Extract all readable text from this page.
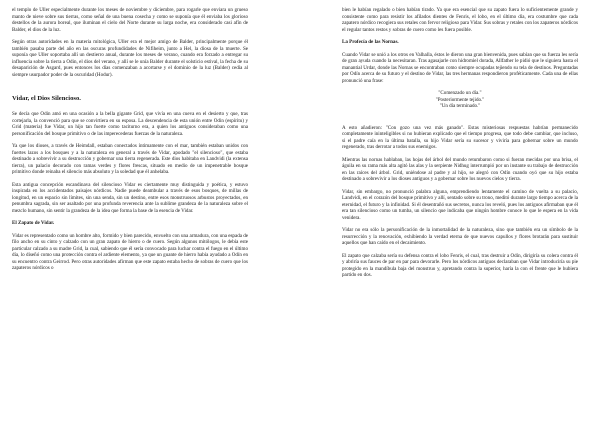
el templo de Uller especialmente durante los meses de noviembre y diciembre, para rogarle que enviara un grueso manto de nieve sobre sus tierras, como señal de una buena cosecha y como se suponía que él enviaba los glorioso destellos de la aurora boreal, que iluminan el cielo del Norte durante su larga noche, era considerado casi afín de Balder, el dios de la luz.

Según otras autoridades en la materia mitológica, Uller era el mejor amigo de Balder, principalmente porque él también pasaba parte del año en las oscuras profundidades de Nifiheim, junto a Hel, la diosa de la muerte. Se suponía que Uller soportaba allí un destierro anual, durante los meses de verano, cuando era forzado a entregar su influencia sobre la tierra a Odin, el dios del verano, y allí se le unía Balder durante el solsticio estival, la fecha de su desaparición de Asgard, pues entonces los días comenzaban a acortarse y el dominio de la luz (Balder) cedía al siempre usurpador poder de la oscuridad (Hodur).

Vidar, el Dios Silencioso.

Se decía que Odin amó en una ocasión a la bella gigante Grid, que vivía en una cueva en el desierto y que, tras cortejarla, la convenció para que se convirtiera en su esposa. La descendencia de esta unión entre Odin (espíritu) y Grid (materia) fue Vidar, un hijo tan fuerte como taciturno era, a quien los antiguos consideraban como una personificación del bosque primitivo o de las imperecederas fuerzas de la naturaleza.

Ya que los dioses, a través de Heimdall, estaban conectados íntimamente con el mar, también estaban unidos con fuertes lazos a los bosques y a la naturaleza en general a través de Vidar, apodado "el silencioso", que estaba destinado a sobrevivir a su destrucción y gobernar una tierra regenerada. Este dios habitaba en Landvidi (la extensa tierra), un palacio decorado con ramas verdes y flores frescas, situado en medio de un impenetrable bosque primitivo donde reinaba el silencio más absoluto y la soledad que él anhelaba.

Esta antigua concepción escandinava del silencioso Vidar es ciertamente muy distinguida y poética, y estuvo inspirada en los accidentados paisajes nórdicos. Nadie puede deambular a través de esos bosques, de millas de longitud, en un espacio sin límites, sin una senda, sin un destino, entre esos monstruosos arbustos proyectados, en penumbra sagrada, sin ser asaltado por una profunda reverencia ante la sublime grandeza de la naturaleza sobre el mezclo humano, sin sentir la grandeza de la idea que forma la base de la esencia de Vidar.

El Zapato de Vidar.

Vidar es representado como un hombre alto, formido y bien parecido, envuelto con una armadura, con una espada de filo ancho en su cinto y calzado con un gran zapato de hierro o de cuero. Según algunos mitólogos, le debía este particular calzado a su madre Grid, la cual, sabiendo que él sería convocado para luchar contra el fuego en el último día, lo diseñó como una protección contra el ardiente elemento, ya que un guante de hierro había ayudado a Odín en su encuentro contra Geirrod. Pero otras autoridades afirman que este zapato estaba hecho de sobras de cuero que los zapateros nórdicos o

bien le habían regalado o bien habían tirado. Ya que era esencial que su zapato fuera lo suficientemente grande y consistente como para resistir los afilados dientes de Fenris, el lobo, en el último día, era costumbre que cada zapatero nórdico recogiera sus retales con fervor religioso para Vidar. Sus sobras y retales con los zapateros nórdicos el regular tantos restos y sobras de cuero como les fuera posible.

La Profecía de las Nornas.

Cuando Vidar se unió a los otros en Valhalla, éstos le dieron una gran bienvenida, pues sabían que su fuerza les sería de gran ayuda cuando la necesitaran. Tras agasajarle con hidromiel dorada, Allfather le pidió que le siguiera hasta el manantial Urdar, donde las Nornas se encontraban como siempre ocupadas tejiendo su tela de destinos. Preguntadas por Odín acerca de su futuro y el destino de Vidar, las tres hermanas respondieron proféticamente. Cada una de ellas pronunció una frase:

"Comenzado un día."
"Posteriormente tejido."
"Un día terminado."

A esto añadieron: "Con gozo una vez más ganado". Estas misteriosas respuestas habrían permanecido completamente ininteligibles si no hubieran explicado que el tiempo progresa, que todo debe cambiar, que incluso, si el padre caía en la última batalla, su hijo Vidar sería su sucesor y viviría para gobernar sobre un mundo regenerado, tras derrotar a todos sus enemigos.

Mientras las nornas hablaban, las hojas del árbol del mundo retumbaron como si fueran mecidas por una brisa, el águila en su rama más alta agitó las alas y la serpiente Nidhug interrumpió por un instante su trabajo de destrucción en las raíces del árbol. Grid, uniéndose al padre y al hijo, se alegró con Odín cuando oyó que su hijo estaba destinado a sobrevivir a los dioses antiguos y a gobernar sobre los nuevos cielos y tierra.

Vidar, sin embargo, no pronunció palabra alguna, emprendiendo lentamente el camino de vuelta a su palacio, Landvidi, en el corazón del bosque primitivo y allí, sentado sobre su trono, meditó durante largo tiempo acerca de la eternidad, el futuro y la infinidad. Si él desentrañó sus secretos, nunca los reveló, pues los antiguos afirmaban que él era tan silencioso como un tumba, un silencio que indicaba que ningún hombre conoce lo que le espera en la vida venidera.

Vidar no era sólo la personificación de la inmortalidad de la naturaleza, sino que también era un símbolo de la resurrección y la renovación, exhibiendo la verdad eterna de que nuevos capullos y flores brotarán para sustituir aquellos que han caído en el decaimiento.

El zapato que calzaba sería su defensa contra el lobo Fenris, el cual, tras destruir a Odín, dirigiría su colera contra él y abriría sus fauces de par en par para devorarle. Pero los nórdicos antiguos declaraban que Vidar introduciría su pie protegido en la mandíbula baja del monstruo y, apretando contra la superior, haría la con el frente que le hubiera partido en dos.
